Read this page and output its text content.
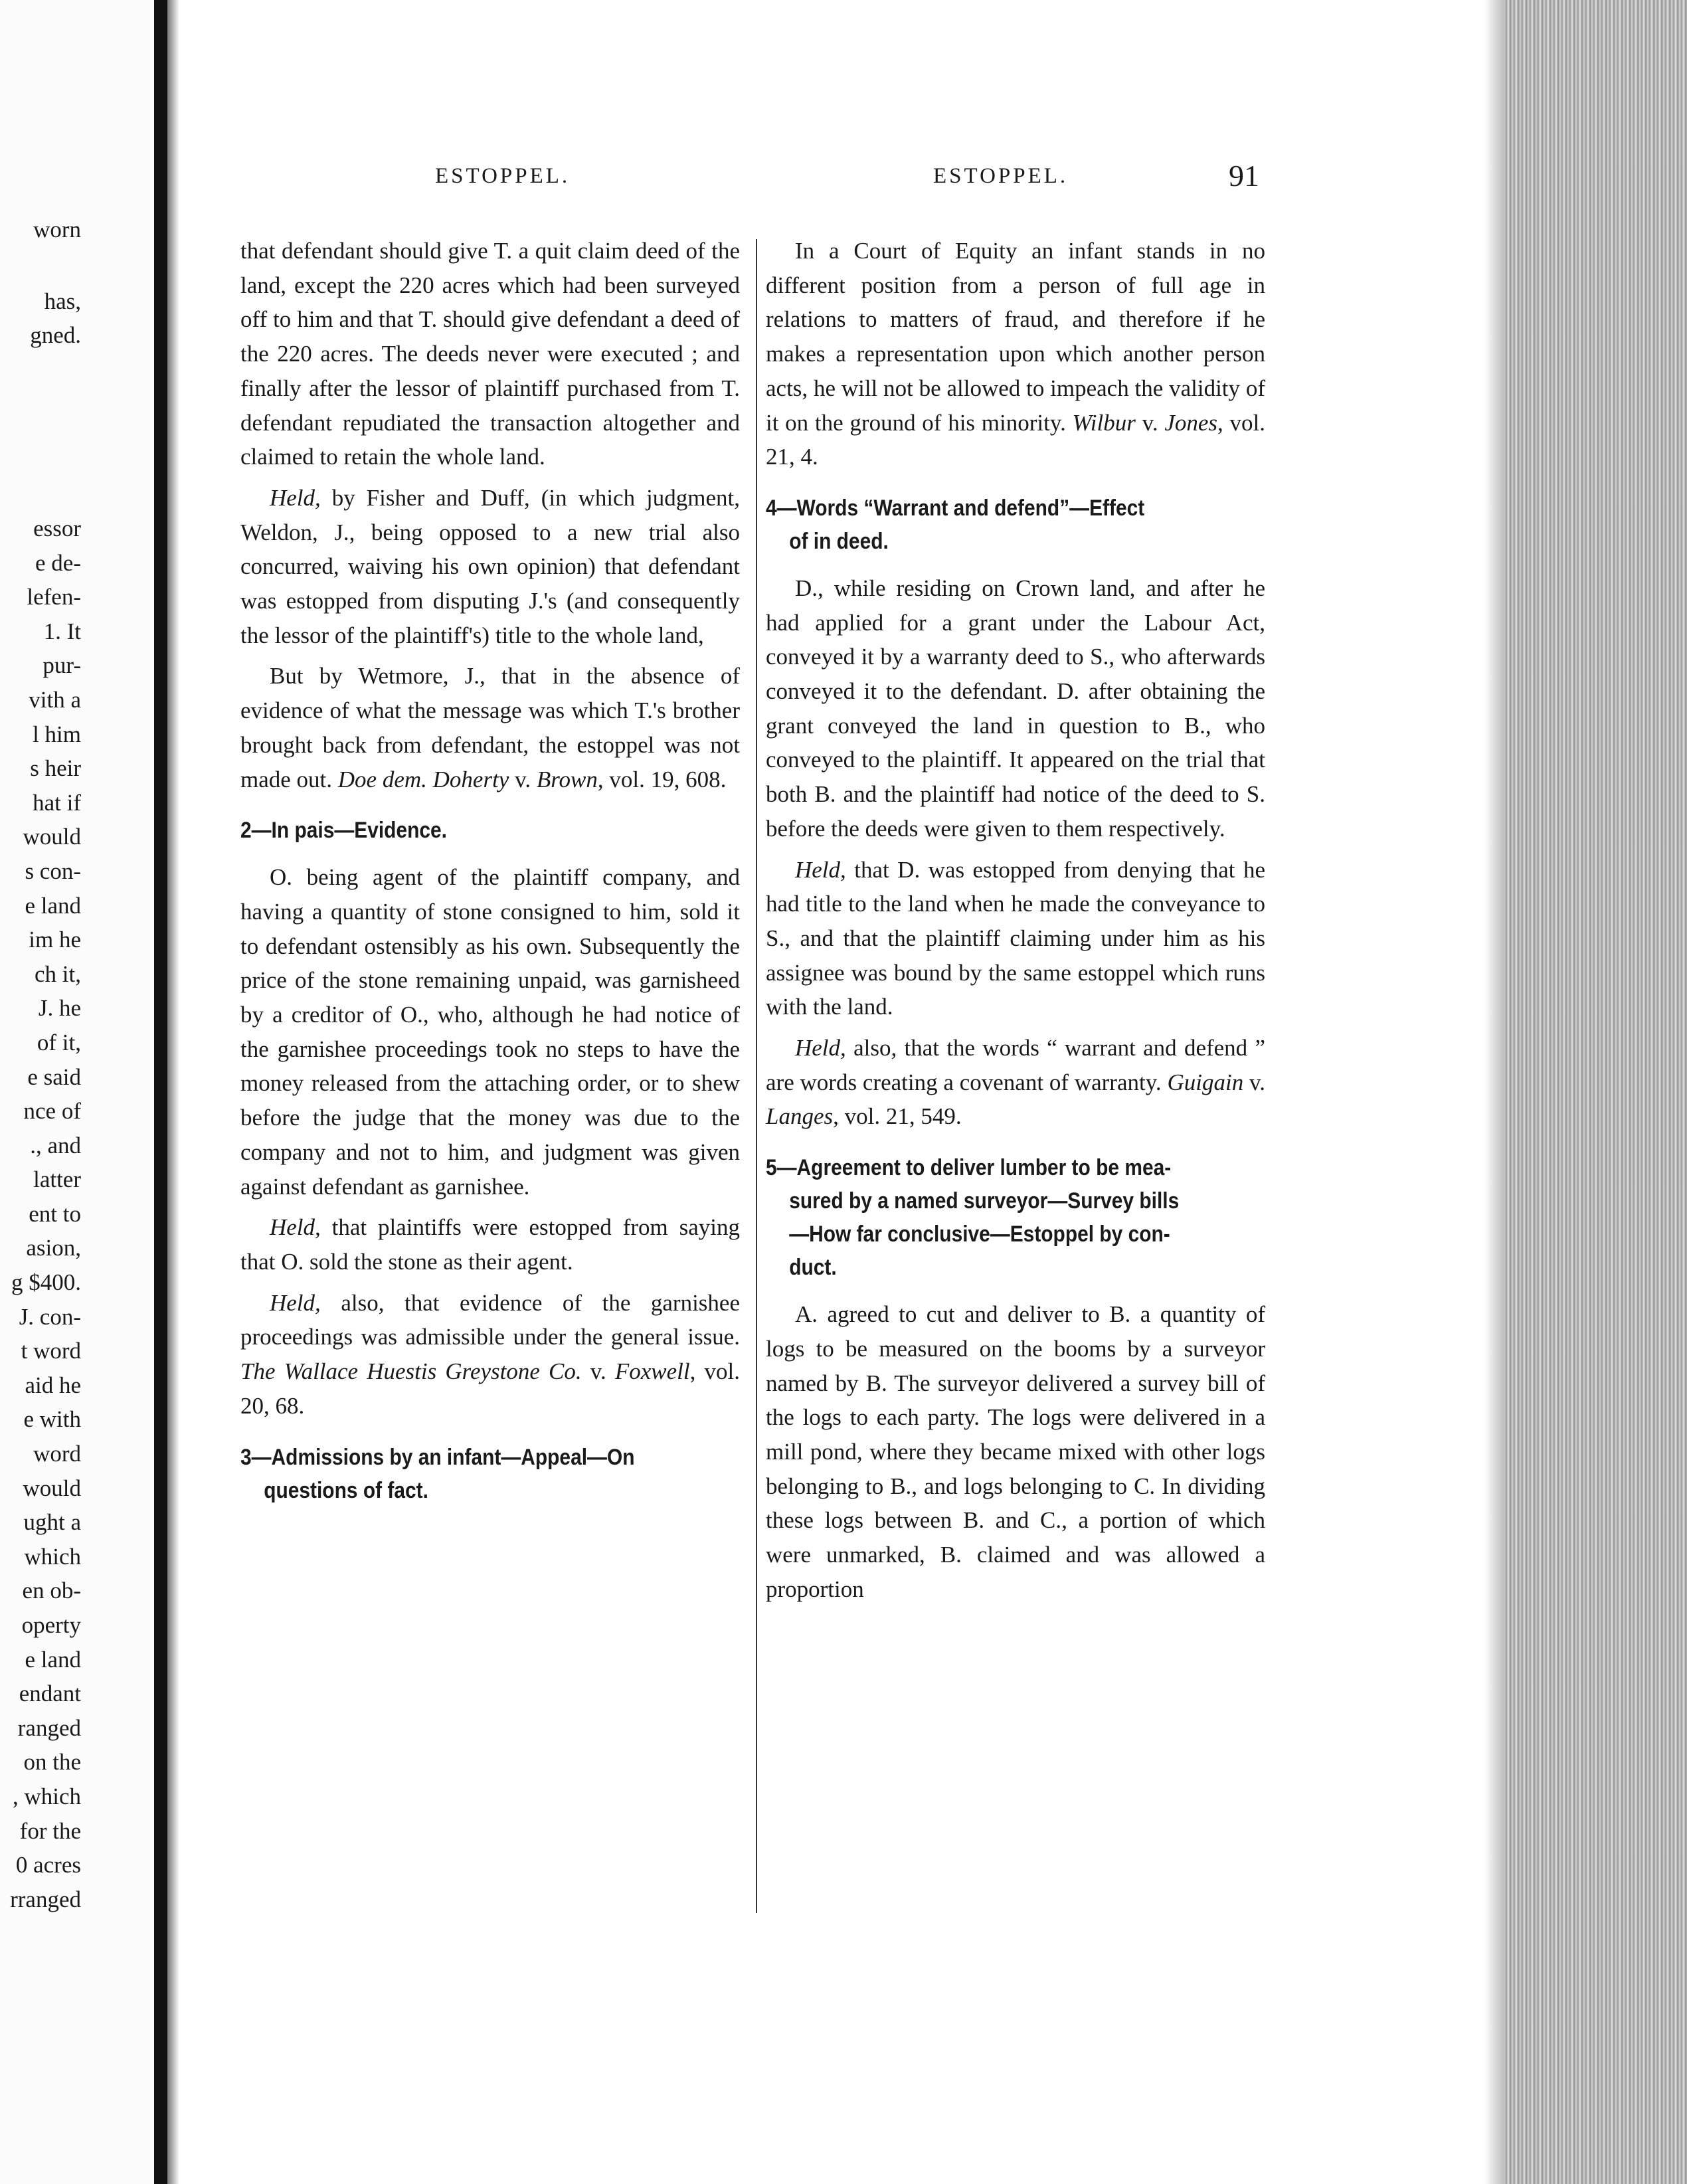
worn
has,
gned.
essor
e de-
lefen-
1. It
pur-
vith a
l him
s heir
hat if
would
s con-
e land
im he
ch it,
J. he
of it,
e said
nce of
., and
latter
ent to
asion,
g $400.
J. con-
t word
aid he
e with
word
would
ught a
which
en ob-
operty
e land
endant
ranged
on the
, which
for the
0 acres
rranged
ESTOPPEL.	ESTOPPEL.	91

that defendant should give T. a quit claim deed of the land, except the 220 acres which had been surveyed off to him and that T. should give defendant a deed of the 220 acres. The deeds never were executed ; and finally after the lessor of plaintiff purchased from T. defendant repudiated the transaction altogether and claimed to retain the whole land.

Held, by Fisher and Duff, (in which judgment, Weldon, J., being opposed to a new trial also concurred, waiving his own opinion) that defendant was estopped from disputing J.'s (and consequently the lessor of the plaintiff's) title to the whole land,

But by Wetmore, J., that in the absence of evidence of what the message was which T.'s brother brought back from defendant, the estoppel was not made out. Doe dem. Doherty v. Brown, vol. 19, 608.

2—In pais—Evidence.

O. being agent of the plaintiff company, and having a quantity of stone consigned to him, sold it to defendant ostensibly as his own. Subsequently the price of the stone remaining unpaid, was garnisheed by a creditor of O., who, although he had notice of the garnishee proceedings took no steps to have the money released from the attaching order, or to shew before the judge that the money was due to the company and not to him, and judgment was given against defendant as garnishee.

Held, that plaintiffs were estopped from saying that O. sold the stone as their agent.

Held, also, that evidence of the garnishee proceedings was admissible under the general issue. The Wallace Huestis Greystone Co. v. Foxwell, vol. 20, 68.

3—Admissions by an infant—Appeal—On
questions of fact.

In a Court of Equity an infant stands in no different position from a person of full age in relations to matters of fraud, and therefore if he makes a representation upon which another person acts, he will not be allowed to impeach the validity of it on the ground of his minority. Wilbur v. Jones, vol. 21, 4.

4—Words “Warrant and defend”—Effect
of in deed.

D., while residing on Crown land, and after he had applied for a grant under the Labour Act, conveyed it by a warranty deed to S., who afterwards conveyed it to the defendant. D. after obtaining the grant conveyed the land in question to B., who conveyed to the plaintiff. It appeared on the trial that both B. and the plaintiff had notice of the deed to S. before the deeds were given to them respectively.

Held, that D. was estopped from denying that he had title to the land when he made the conveyance to S., and that the plaintiff claiming under him as his assignee was bound by the same estoppel which runs with the land.

Held, also, that the words “ warrant and defend ” are words creating a covenant of warranty. Guigain v. Langes, vol. 21, 549.

5—Agreement to deliver lumber to be mea-
sured by a named surveyor—Survey bills
—How far conclusive—Estoppel by con-
duct.

A. agreed to cut and deliver to B. a quantity of logs to be measured on the booms by a surveyor named by B. The surveyor delivered a survey bill of the logs to each party. The logs were delivered in a mill pond, where they became mixed with other logs belonging to B., and logs belonging to C. In dividing these logs between B. and C., a portion of which were unmarked, B. claimed and was allowed a proportion
